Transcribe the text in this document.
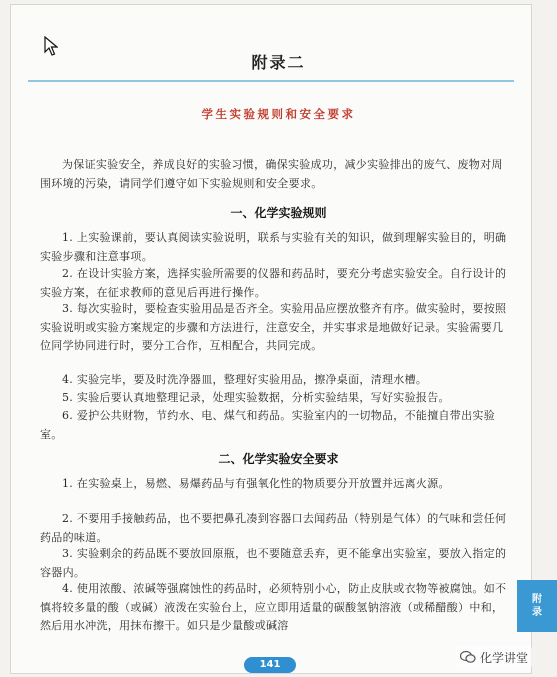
附录二
学生实验规则和安全要求

为保证实验安全，养成良好的实验习惯，确保实验成功，减少实验排出的废气、废物对周围环境的污染，请同学们遵守如下实验规则和安全要求。

一、化学实验规则

1. 上实验课前，要认真阅读实验说明，联系与实验有关的知识，做到理解实验目的，明确实验步骤和注意事项。

2. 在设计实验方案，选择实验所需要的仪器和药品时，要充分考虑实验安全。自行设计的实验方案，在征求教师的意见后再进行操作。

3. 每次实验时，要检查实验用品是否齐全。实验用品应摆放整齐有序。做实验时，要按照实验说明或实验方案规定的步骤和方法进行，注意安全，并实事求是地做好记录。实验需要几位同学协同进行时，要分工合作，互相配合，共同完成。

4. 实验完毕，要及时洗净器皿，整理好实验用品，擦净桌面，清理水槽。

5. 实验后要认真地整理记录，处理实验数据，分析实验结果，写好实验报告。

6. 爱护公共财物，节约水、电、煤气和药品。实验室内的一切物品，不能擅自带出实验室。

二、化学实验安全要求

1. 在实验桌上，易燃、易爆药品与有强氧化性的物质要分开放置并远离火源。

2. 不要用手接触药品，也不要把鼻孔凑到容器口去闻药品（特别是气体）的气味和尝任何药品的味道。

3. 实验剩余的药品既不要放回原瓶，也不要随意丢弃，更不能拿出实验室，要放入指定的容器内。

4. 使用浓酸、浓碱等强腐蚀性的药品时，必须特别小心，防止皮肤或衣物等被腐蚀。如不慎将较多量的酸（或碱）液泼在实验台上，应立即用适量的碳酸氢钠溶液（或稀醋酸）中和，然后用水冲洗，用抹布擦干。如只是少量酸或碱溶

附
录
141	化学讲堂
